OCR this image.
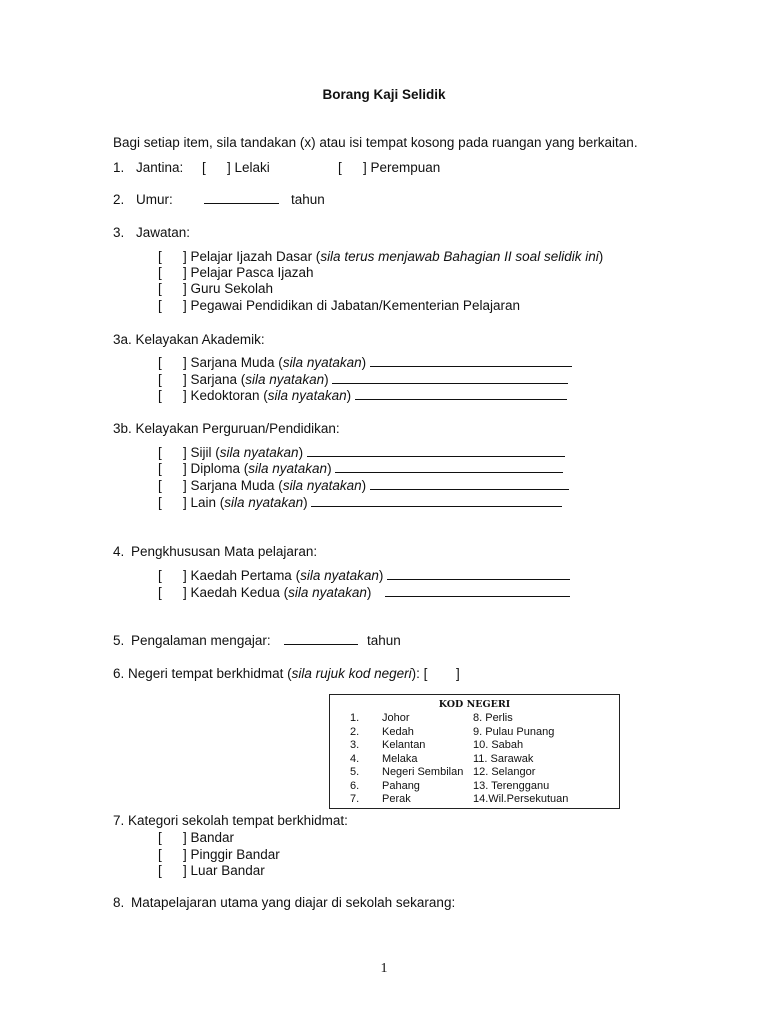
Borang Kaji Selidik
Bagi setiap item, sila tandakan (x) atau isi tempat kosong pada ruangan yang berkaitan.
1. Jantina: [ ] Lelaki	[ ] Perempuan
2. Umur:	tahun
3. Jawatan:
[ ] Pelajar Ijazah Dasar (sila terus menjawab Bahagian II soal selidik ini)
[ ] Pelajar Pasca Ijazah
[ ] Guru Sekolah
[ ] Pegawai Pendidikan di Jabatan/Kementerian Pelajaran
3a. Kelayakan Akademik:
[ ] Sarjana Muda (sila nyatakan)
[ ] Sarjana (sila nyatakan)
[ ] Kedoktoran (sila nyatakan)
3b. Kelayakan Perguruan/Pendidikan:
[ ] Sijil (sila nyatakan)
[ ] Diploma (sila nyatakan)
[ ] Sarjana Muda (sila nyatakan)
[ ] Lain (sila nyatakan)
4. Pengkhususan Mata pelajaran:
[ ] Kaedah Pertama (sila nyatakan)
[ ] Kaedah Kedua (sila nyatakan)
5. Pengalaman mengajar:	tahun
6. Negeri tempat berkhidmat (sila rujuk kod negeri): [ ]
KOD NEGERI
1. Johor	8. Perlis
2. Kedah	9. Pulau Punang
3. Kelantan	10. Sabah
4. Melaka	11. Sarawak
5. Negeri Sembilan 12. Selangor
6. Pahang	13. Terengganu
7. Perak	14.Wil.Persekutuan
7. Kategori sekolah tempat berkhidmat:
[ ] Bandar
[ ] Pinggir Bandar
[ ] Luar Bandar
8. Matapelajaran utama yang diajar di sekolah sekarang:
1
